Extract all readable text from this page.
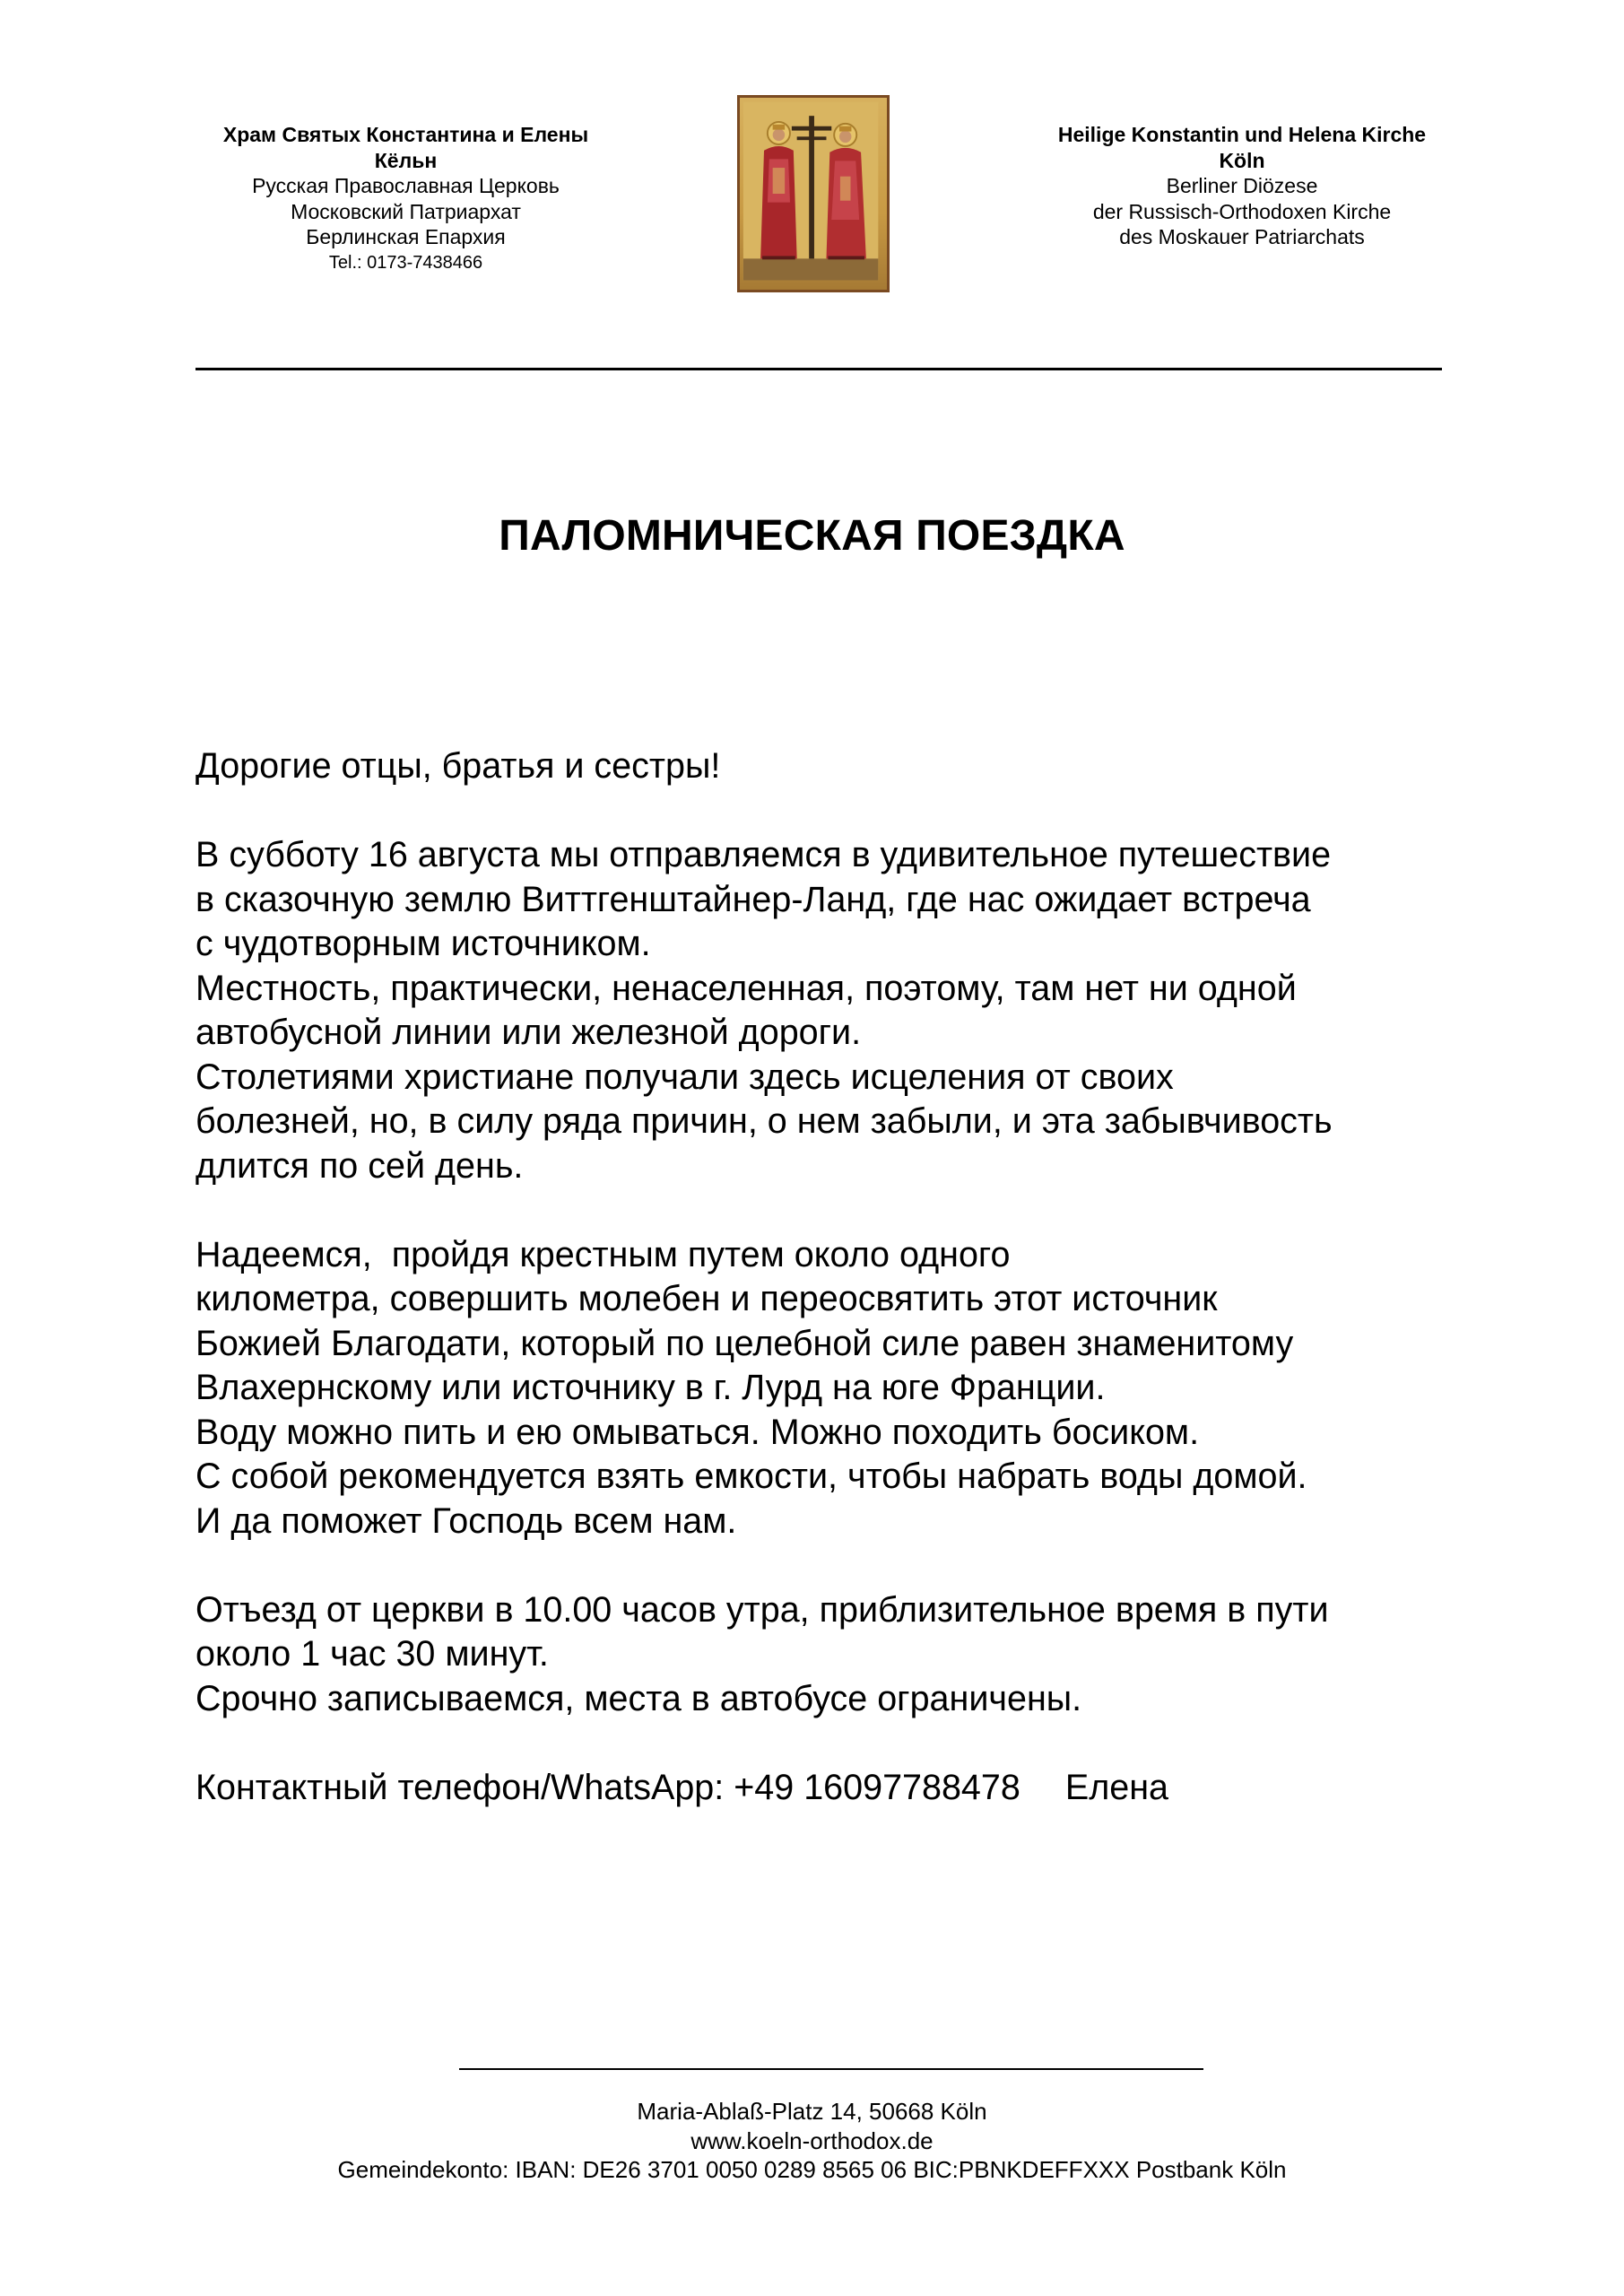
Храм Святых Константина и Елены
Кёльн
Русская Православная Церковь
Московский Патриархат
Берлинская Епархия
Tel.: 0173-7438466
Heilige Konstantin und Helena Kirche
Köln
Berliner Diözese
der Russisch-Orthodoxen Kirche
des Moskauer Patriarchats
ПАЛОМНИЧЕСКАЯ ПОЕЗДКА
Дорогие отцы, братья и сестры!
В субботу 16 августа мы отправляемся в удивительное путешествие
в сказочную землю Виттгенштайнер-Ланд, где нас ожидает встреча
с чудотворным источником.
Местность, практически, ненаселенная, поэтому, там нет ни одной
автобусной линии или железной дороги.
Столетиями христиане получали здесь исцеления от своих
болезней, но, в силу ряда причин, о нем забыли, и эта забывчивость
длится по сей день.
Надеемся,  пройдя крестным путем около одного
километра, совершить молебен и переосвятить этот источник
Божией Благодати, который по целебной силе равен знаменитому
Влахернскому или источнику в г. Лурд на юге Франции.
Воду можно пить и ею омываться. Можно походить босиком.
С собой рекомендуется взять емкости, чтобы набрать воды домой.
И да поможет Господь всем нам.
Отъезд от церкви в 10.00 часов утра, приблизительное время в пути
около 1 час 30 минут.
Срочно записываемся, места в автобусе ограничены.
Контактный телефон/WhatsApp: +49 16097788478 Елена
Maria-Ablaß-Platz 14, 50668 Köln
www.koeln-orthodox.de
Gemeindekonto: IBAN: DE26 3701 0050 0289 8565 06 BIC:PBNKDEFFXXX Postbank Köln
